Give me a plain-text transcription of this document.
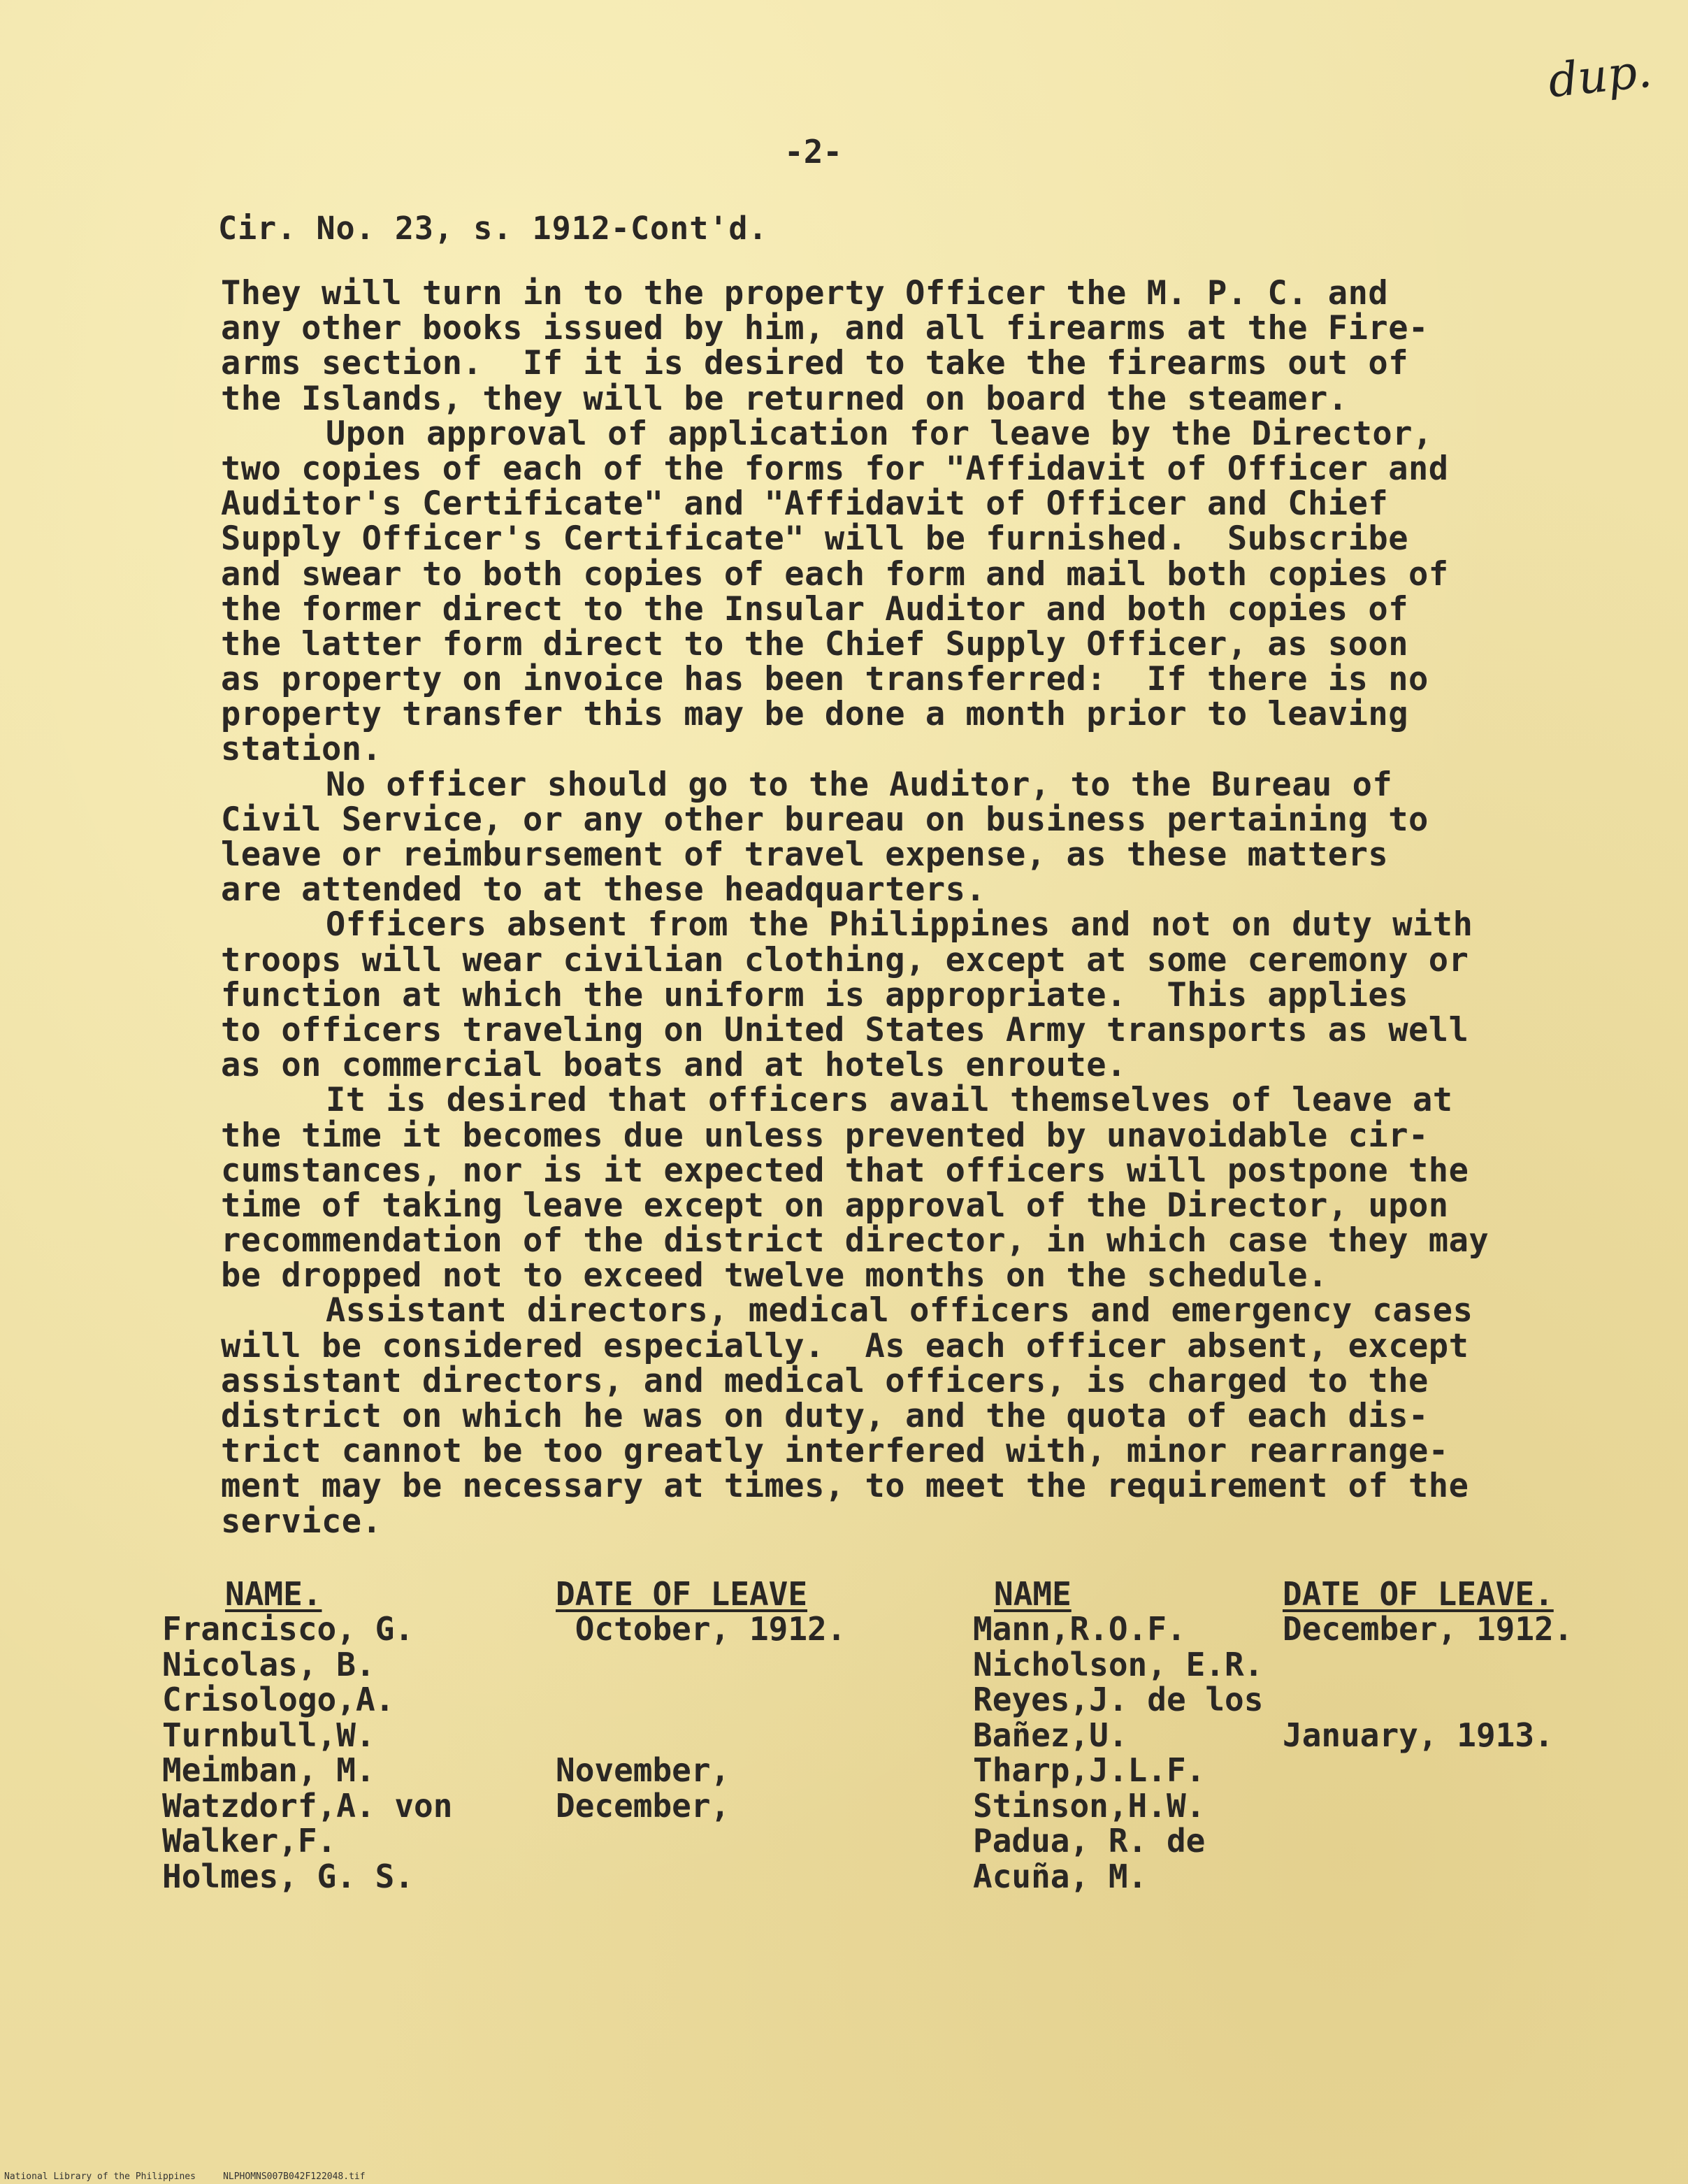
dup.
-2-
Cir. No. 23, s. 1912-Cont'd.
They will turn in to the property Officer the M. P. C. and
any other books issued by him, and all firearms at the Fire-
arms section.  If it is desired to take the firearms out of
the Islands, they will be returned on board the steamer.
Upon approval of application for leave by the Director,
two copies of each of the forms for "Affidavit of Officer and
Auditor's Certificate" and "Affidavit of Officer and Chief
Supply Officer's Certificate" will be furnished.  Subscribe
and swear to both copies of each form and mail both copies of
the former direct to the Insular Auditor and both copies of
the latter form direct to the Chief Supply Officer, as soon
as property on invoice has been transferred:  If there is no
property transfer this may be done a month prior to leaving
station.
No officer should go to the Auditor, to the Bureau of
Civil Service, or any other bureau on business pertaining to
leave or reimbursement of travel expense, as these matters
are attended to at these headquarters.
Officers absent from the Philippines and not on duty with
troops will wear civilian clothing, except at some ceremony or
function at which the uniform is appropriate.  This applies
to officers traveling on United States Army transports as well
as on commercial boats and at hotels enroute.
It is desired that officers avail themselves of leave at
the time it becomes due unless prevented by unavoidable cir-
cumstances, nor is it expected that officers will postpone the
time of taking leave except on approval of the Director, upon
recommendation of the district director, in which case they may
be dropped not to exceed twelve months on the schedule.
Assistant directors, medical officers and emergency cases
will be considered especially.  As each officer absent, except
assistant directors, and medical officers, is charged to the
district on which he was on duty, and the quota of each dis-
trict cannot be too greatly interfered with, minor rearrange-
ment may be necessary at times, to meet the requirement of the
service.
NAME.
Francisco, G.
Nicolas, B.
Crisologo,A.
Turnbull,W.
Meimban, M.
Watzdorf,A. von
Walker,F.
Holmes, G. S.
DATE OF LEAVE
October, 1912.
November,
December,
NAME
Mann,R.O.F.
Nicholson, E.R.
Reyes,J. de los
Bañez,U.
Tharp,J.L.F.
Stinson,H.W.
Padua, R. de
Acuña, M.
DATE OF LEAVE.
December, 1912.
January, 1913.
National Library of the Philippines     NLPHOMNS007B042F122048.tif
